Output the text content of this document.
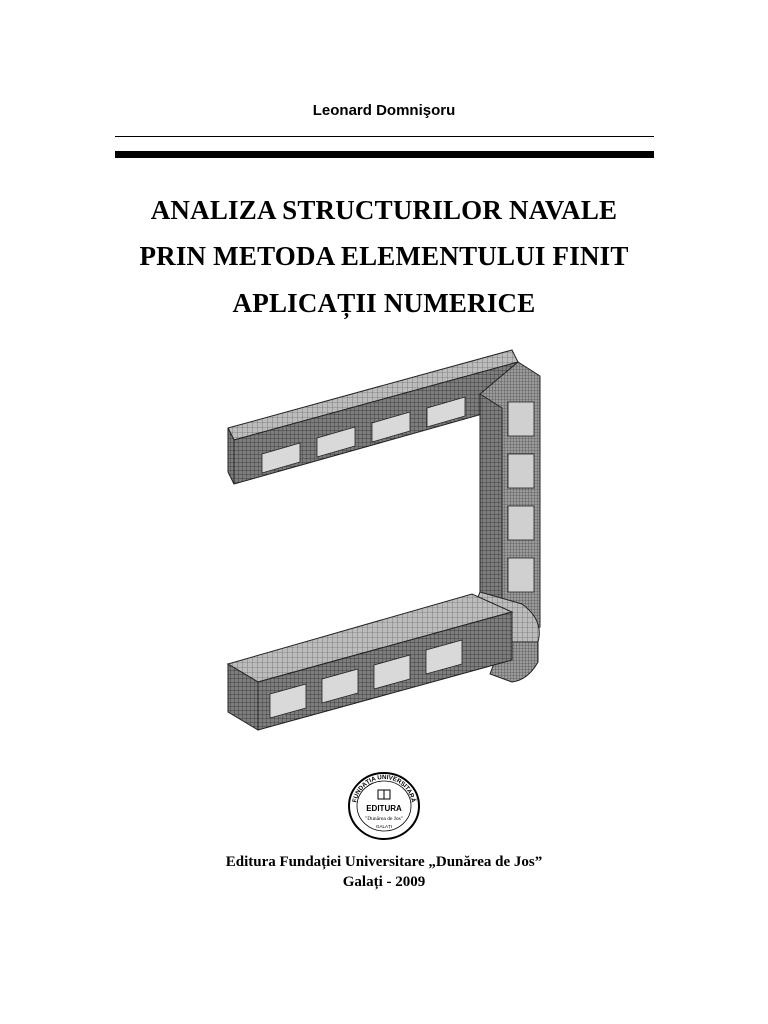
Leonard Domnişoru
ANALIZA STRUCTURILOR NAVALE
PRIN METODA ELEMENTULUI FINIT
APLICAȚII NUMERICE
FUNDAȚIA UNIVERSITARĂ
EDITURA
"Dunărea de Jos"
GALAȚI
Editura Fundației Universitare „Dunărea de Jos”
Galați - 2009
